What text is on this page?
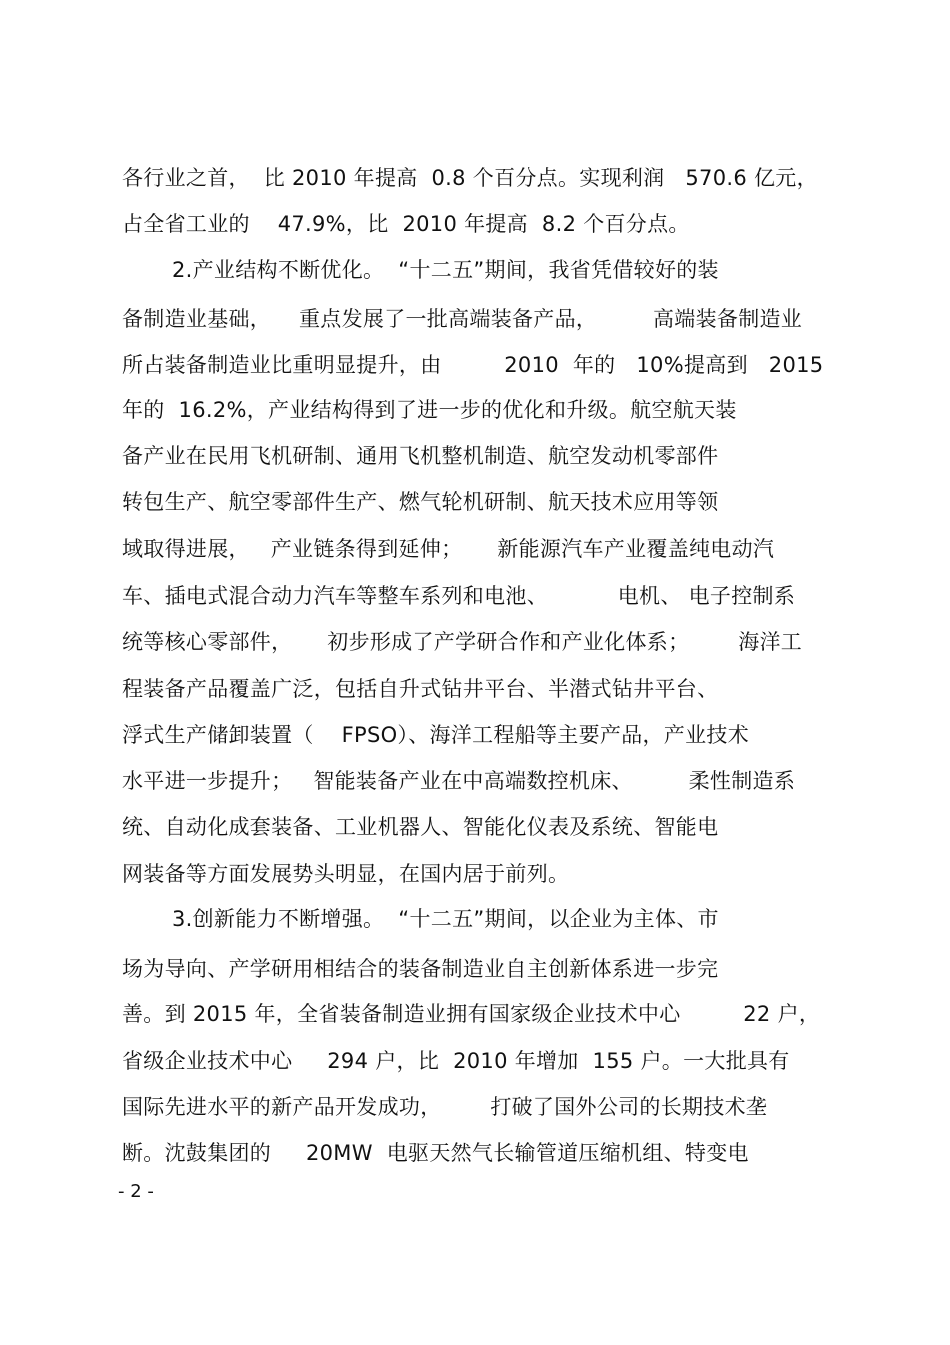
各行业之首，  比 2010 年提高  0.8 个百分点。实现利润   570.6 亿元，
占全省工业的    47.9%，比  2010 年提高  8.2 个百分点。
2.产业结构不断优化。  “十二五”期间，我省凭借较好的装
备制造业基础，    重点发展了一批高端装备产品，        高端装备制造业
所占装备制造业比重明显提升，由         2010  年的   10%提高到   2015
年的  16.2%，产业结构得到了进一步的优化和升级。航空航天装
备产业在民用飞机研制、通用飞机整机制造、航空发动机零部件
转包生产、航空零部件生产、燃气轮机研制、航天技术应用等领
域取得进展，   产业链条得到延伸；     新能源汽车产业覆盖纯电动汽
车、插电式混合动力汽车等整车系列和电池、          电机、 电子控制系
统等核心零部件，     初步形成了产学研合作和产业化体系；       海洋工
程装备产品覆盖广泛，包括自升式钻井平台、半潜式钻井平台、
浮式生产储卸装置（    FPSO）、海洋工程船等主要产品，产业技术
水平进一步提升；   智能装备产业在中高端数控机床、        柔性制造系
统、自动化成套装备、工业机器人、智能化仪表及系统、智能电
网装备等方面发展势头明显，在国内居于前列。
3.创新能力不断增强。  “十二五”期间，以企业为主体、市
场为导向、产学研用相结合的装备制造业自主创新体系进一步完
善。到 2015 年，全省装备制造业拥有国家级企业技术中心         22 户，
省级企业技术中心     294 户，比  2010 年增加  155 户。一大批具有
国际先进水平的新产品开发成功，       打破了国外公司的长期技术垄
断。沈鼓集团的     20MW  电驱天然气长输管道压缩机组、特变电
- 2 -
